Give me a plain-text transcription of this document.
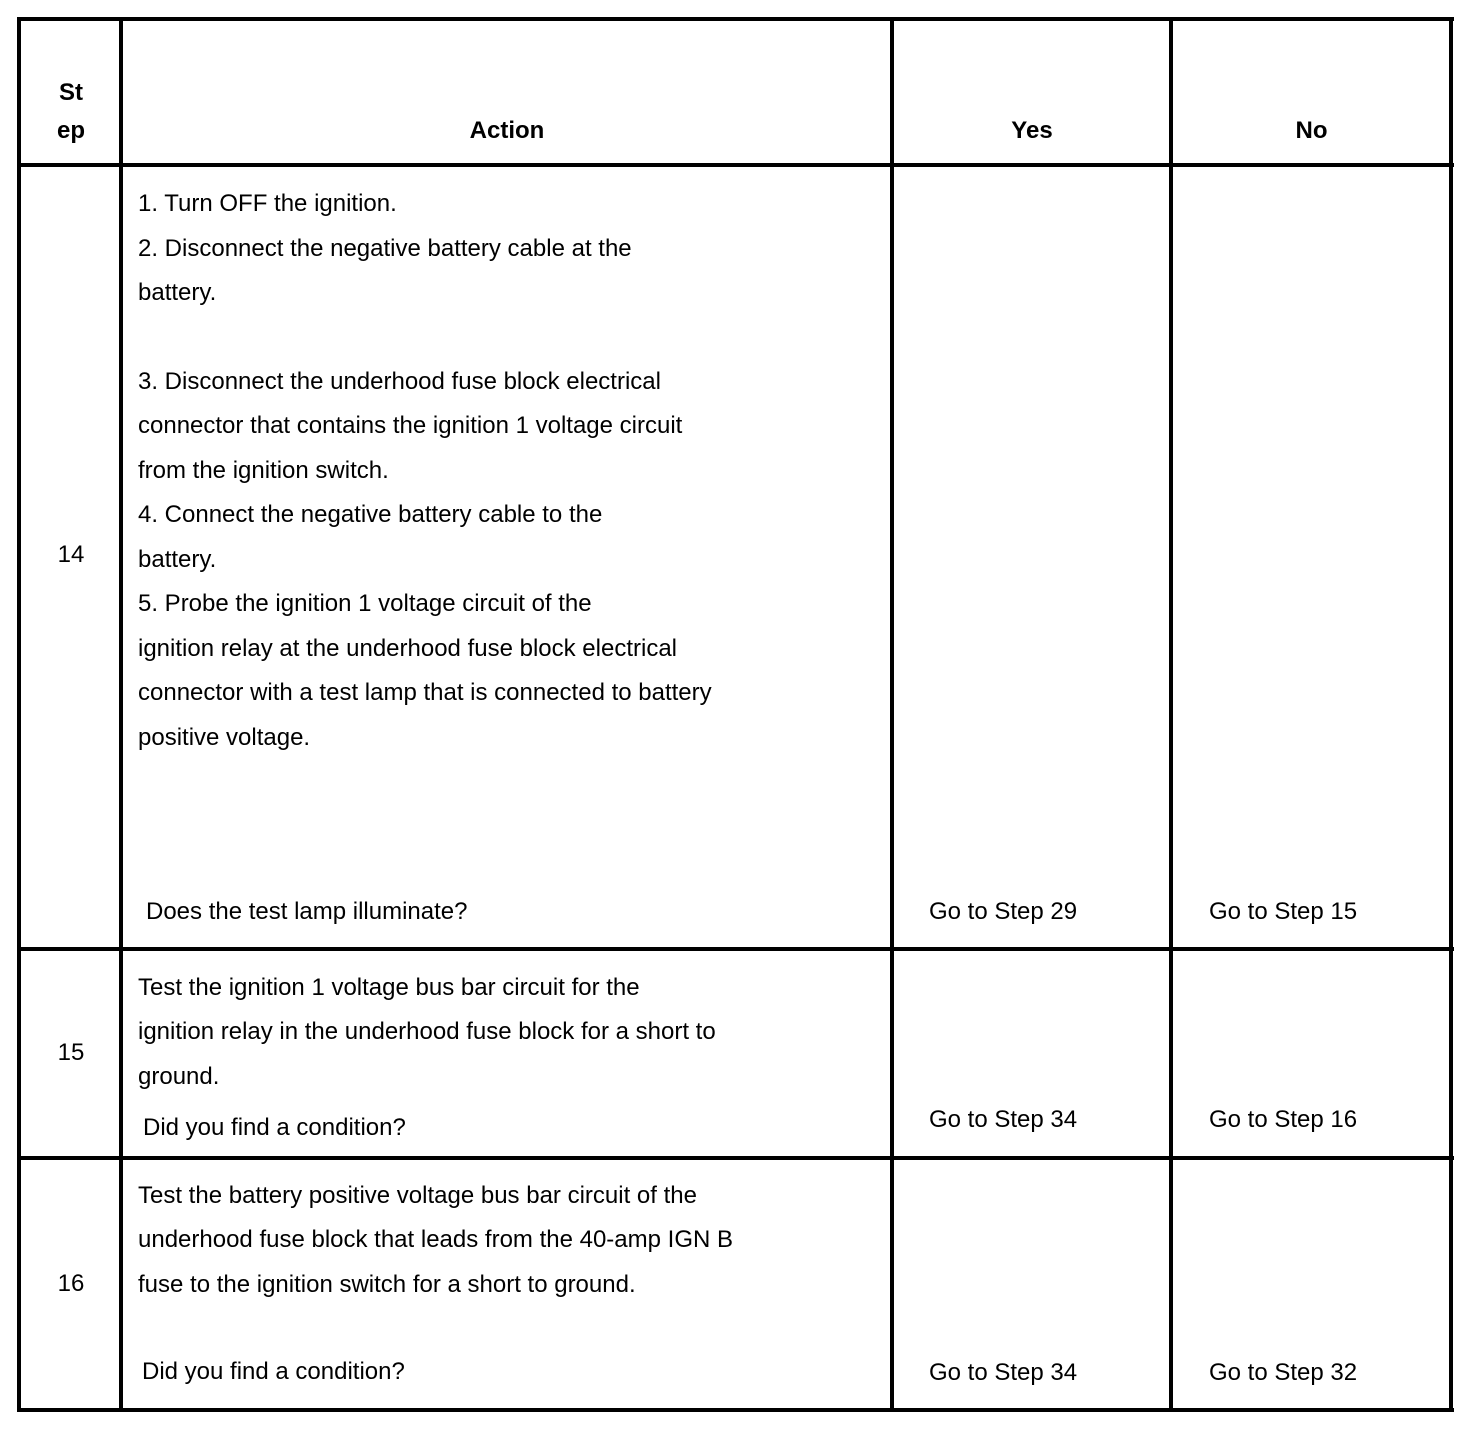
St
ep	Action	Yes	No
14
1. Turn OFF the ignition.
2. Disconnect the negative battery cable at the
battery.
3. Disconnect the underhood fuse block electrical
connector that contains the ignition 1 voltage circuit
from the ignition switch.
4. Connect the negative battery cable to the
battery.
5. Probe the ignition 1 voltage circuit of the
ignition relay at the underhood fuse block electrical
connector with a test lamp that is connected to battery
positive voltage.
Does the test lamp illuminate?	Go to Step 29	Go to Step 15
15
Test the ignition 1 voltage bus bar circuit for the
ignition relay in the underhood fuse block for a short to
ground.
Did you find a condition?	Go to Step 34	Go to Step 16
16
Test the battery positive voltage bus bar circuit of the
underhood fuse block that leads from the 40-amp IGN B
fuse to the ignition switch for a short to ground.
Did you find a condition?	Go to Step 34	Go to Step 32
